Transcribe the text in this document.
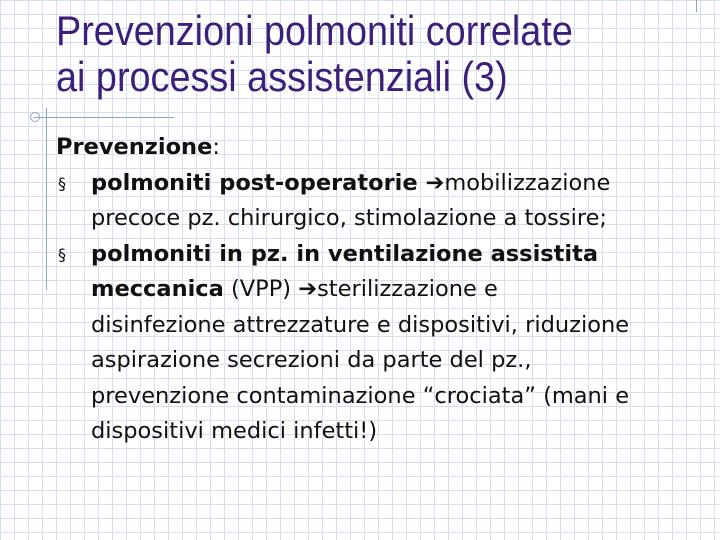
Prevenzioni polmoniti correlate
ai processi assistenziali (3)
Prevenzione:
§ polmoniti post-operatorie ➔mobilizzazione
precoce pz. chirurgico, stimolazione a tossire;
§ polmoniti in pz. in ventilazione assistita
meccanica (VPP) ➔sterilizzazione e
disinfezione attrezzature e dispositivi, riduzione
aspirazione secrezioni da parte del pz.,
prevenzione contaminazione “crociata” (mani e
dispositivi medici infetti!)
